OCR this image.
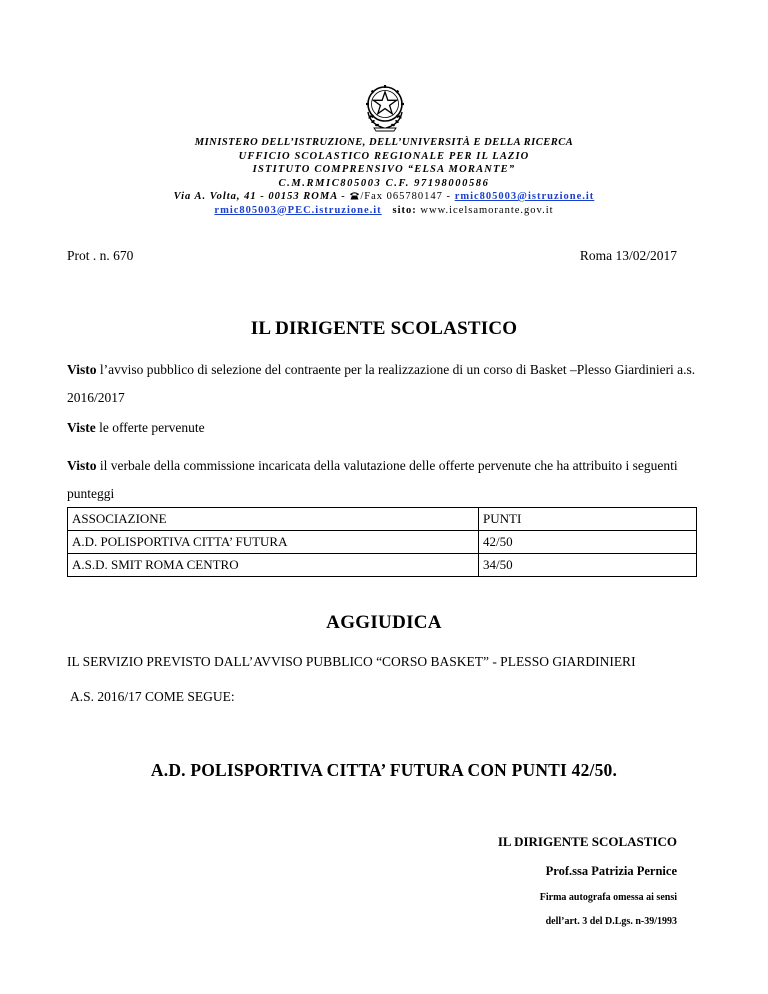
MINISTERO DELL’ISTRUZIONE, DELL’UNIVERSITÀ E DELLA RICERCA
UFFICIO SCOLASTICO REGIONALE PER IL LAZIO
ISTITUTO COMPRENSIVO “ELSA MORANTE”
C.M.RMIC805003 C.F. 97198000586
Via A. Volta, 41 - 00153 ROMA - /Fax 065780147 - rmic805003@istruzione.it
rmic805003@PEC.istruzione.it sito: www.icelsamorante.gov.it
Prot . n. 670	Roma 13/02/2017
IL DIRIGENTE SCOLASTICO
Visto l’avviso pubblico di selezione del contraente per la realizzazione di un corso di Basket –Plesso Giardinieri a.s. 2016/2017
Viste le offerte pervenute
Visto il verbale della commissione incaricata della valutazione delle offerte pervenute che ha attribuito i seguenti punteggi
ASSOCIAZIONE	PUNTI
A.D. POLISPORTIVA CITTA’ FUTURA	42/50
A.S.D. SMIT ROMA CENTRO	34/50
AGGIUDICA
IL SERVIZIO PREVISTO DALL’AVVISO PUBBLICO “CORSO BASKET” - PLESSO GIARDINIERI
A.S. 2016/17 COME SEGUE:
A.D. POLISPORTIVA CITTA’ FUTURA CON PUNTI 42/50.
IL DIRIGENTE SCOLASTICO
Prof.ssa Patrizia Pernice
Firma autografa omessa ai sensi
dell’art. 3 del D.Lgs. n-39/1993
